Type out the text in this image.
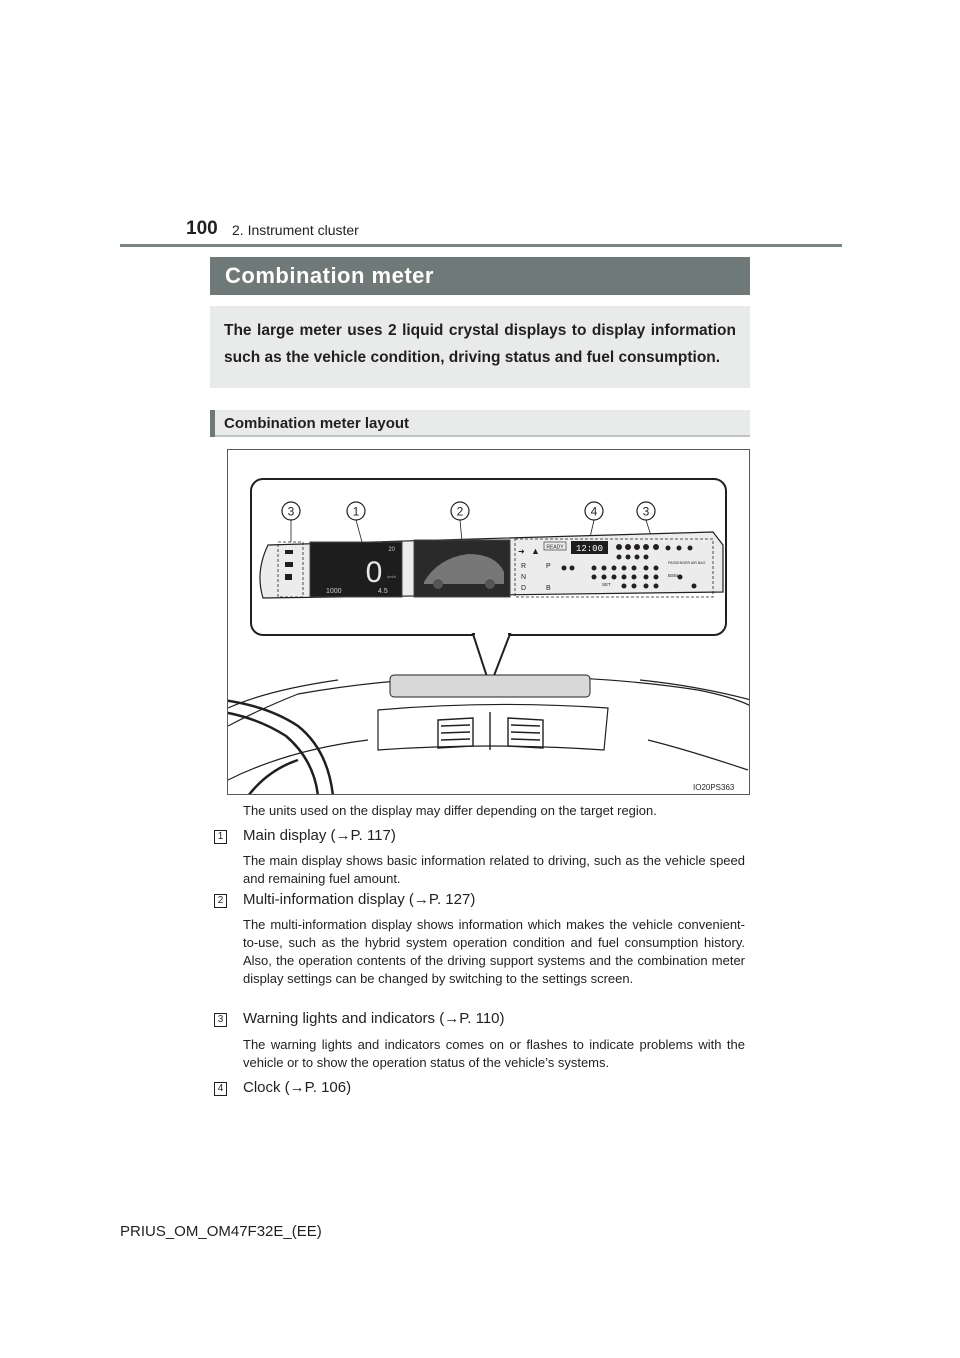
100 2. Instrument cluster
Combination meter
The large meter uses 2 liquid crystal displays to display information such as the vehicle condition, driving status and fuel consumption.
Combination meter layout
3	1	2	4	3
0
20
km/h
1000	4.5
12:00
➜ ▲ READY
R
N
D
P
B
PASSENGER AIR BAG
SET
BSM
IO20PS363
The units used on the display may differ depending on the target region.
1 Main display (→P. 117)
The main display shows basic information related to driving, such as the vehicle speed and remaining fuel amount.
2 Multi-information display (→P. 127)
The multi-information display shows information which makes the vehicle convenient-to-use, such as the hybrid system operation condition and fuel consumption history. Also, the operation contents of the driving support systems and the combination meter display settings can be changed by switching to the settings screen.
3 Warning lights and indicators (→P. 110)
The warning lights and indicators comes on or flashes to indicate problems with the vehicle or to show the operation status of the vehicle’s systems.
4 Clock (→P. 106)
PRIUS_OM_OM47F32E_(EE)
